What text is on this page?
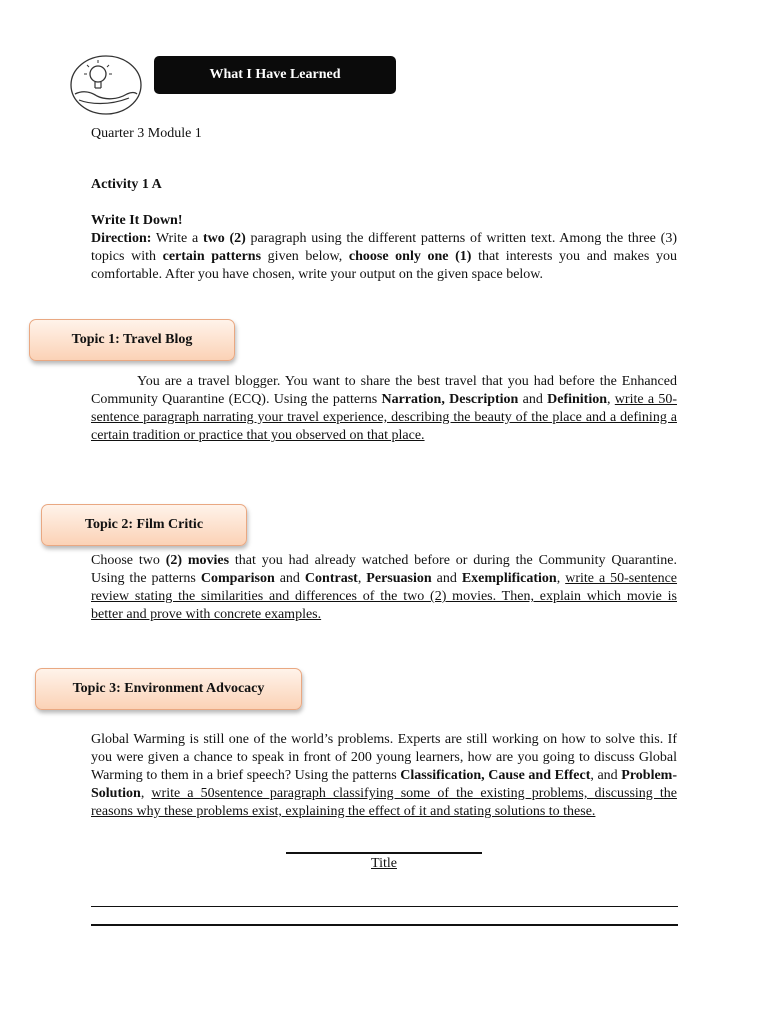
What I Have Learned
Quarter 3 Module 1
Activity 1 A
Write It Down!
Direction: Write a two (2) paragraph using the different patterns of written text. Among the three (3) topics with certain patterns given below, choose only one (1) that interests you and makes you comfortable. After you have chosen, write your output on the given space below.
Topic 1: Travel Blog
You are a travel blogger. You want to share the best travel that you had before the Enhanced Community Quarantine (ECQ). Using the patterns Narration, Description and Definition, write a 50-sentence paragraph narrating your travel experience, describing the beauty of the place and a defining a certain tradition or practice that you observed on that place.
Topic 2: Film Critic
Choose two (2) movies that you had already watched before or during the Community Quarantine. Using the patterns Comparison and Contrast, Persuasion and Exemplification, write a 50-sentence review stating the similarities and differences of the two (2) movies. Then, explain which movie is better and prove with concrete examples.
Topic 3: Environment Advocacy
Global Warming is still one of the world’s problems. Experts are still working on how to solve this. If you were given a chance to speak in front of 200 young learners, how are you going to discuss Global Warming to them in a brief speech? Using the patterns Classification, Cause and Effect, and Problem-Solution, write a 50sentence paragraph classifying some of the existing problems, discussing the reasons why these problems exist, explaining the effect of it and stating solutions to these.
Title
